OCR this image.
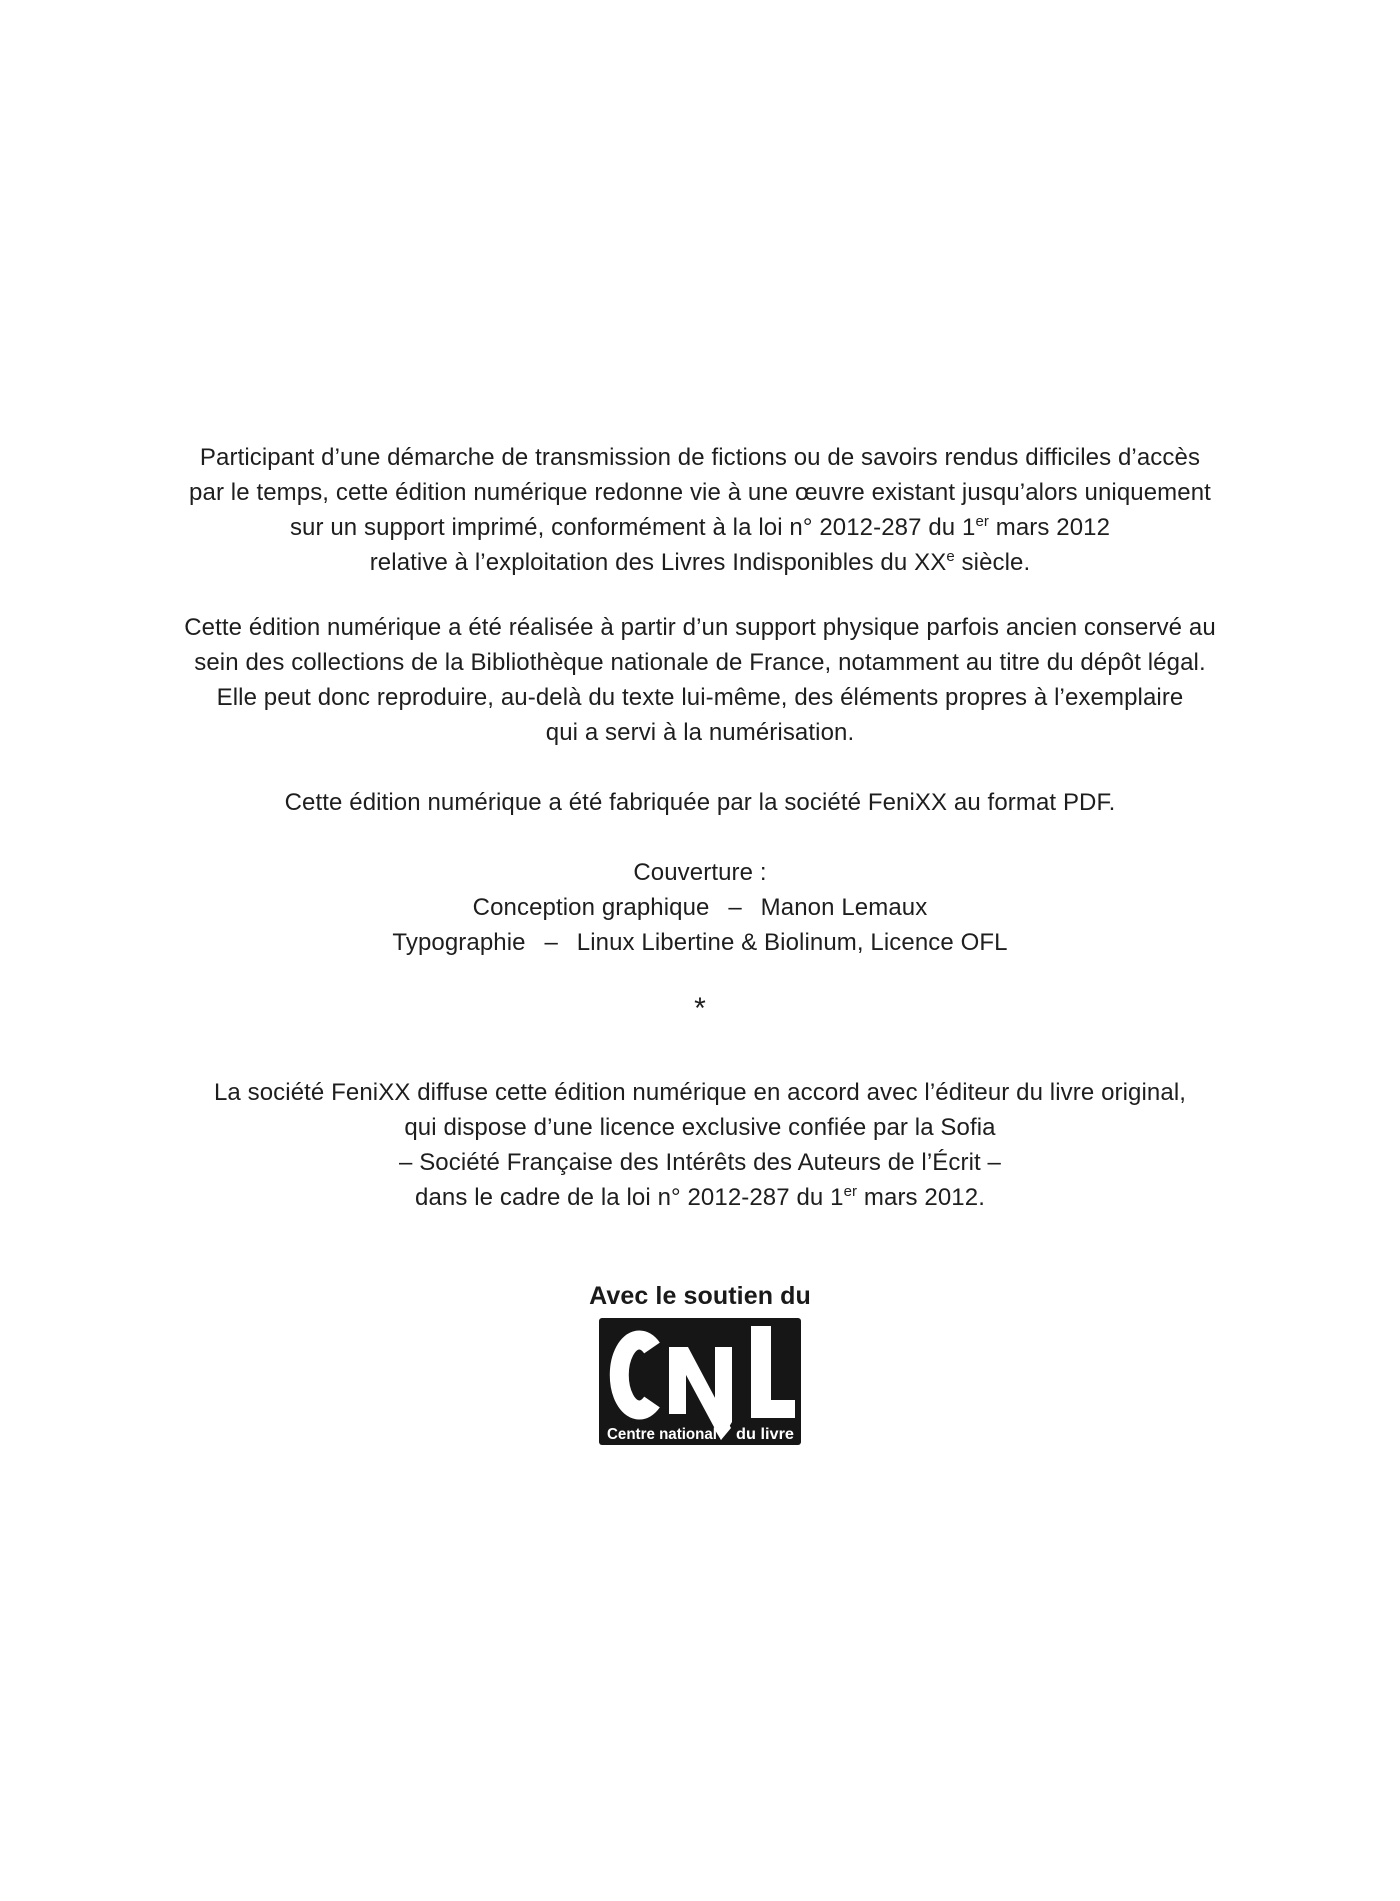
Participant d’une démarche de transmission de fictions ou de savoirs rendus difficiles d’accès
par le temps, cette édition numérique redonne vie à une œuvre existant jusqu’alors uniquement
sur un support imprimé, conformément à la loi n° 2012-287 du 1er mars 2012
relative à l’exploitation des Livres Indisponibles du XXe siècle.
Cette édition numérique a été réalisée à partir d’un support physique parfois ancien conservé au
sein des collections de la Bibliothèque nationale de France, notamment au titre du dépôt légal.
Elle peut donc reproduire, au-delà du texte lui-même, des éléments propres à l’exemplaire
qui a servi à la numérisation.
Cette édition numérique a été fabriquée par la société FeniXX au format PDF.
Couverture :
Conception graphique  –  Manon Lemaux
Typographie  –  Linux Libertine & Biolinum, Licence OFL
*
La société FeniXX diffuse cette édition numérique en accord avec l’éditeur du livre original,
qui dispose d’une licence exclusive confiée par la Sofia
– Société Française des Intérêts des Auteurs de l’Écrit –
dans le cadre de la loi n° 2012-287 du 1er mars 2012.
Avec le soutien du
Centre national du livre
